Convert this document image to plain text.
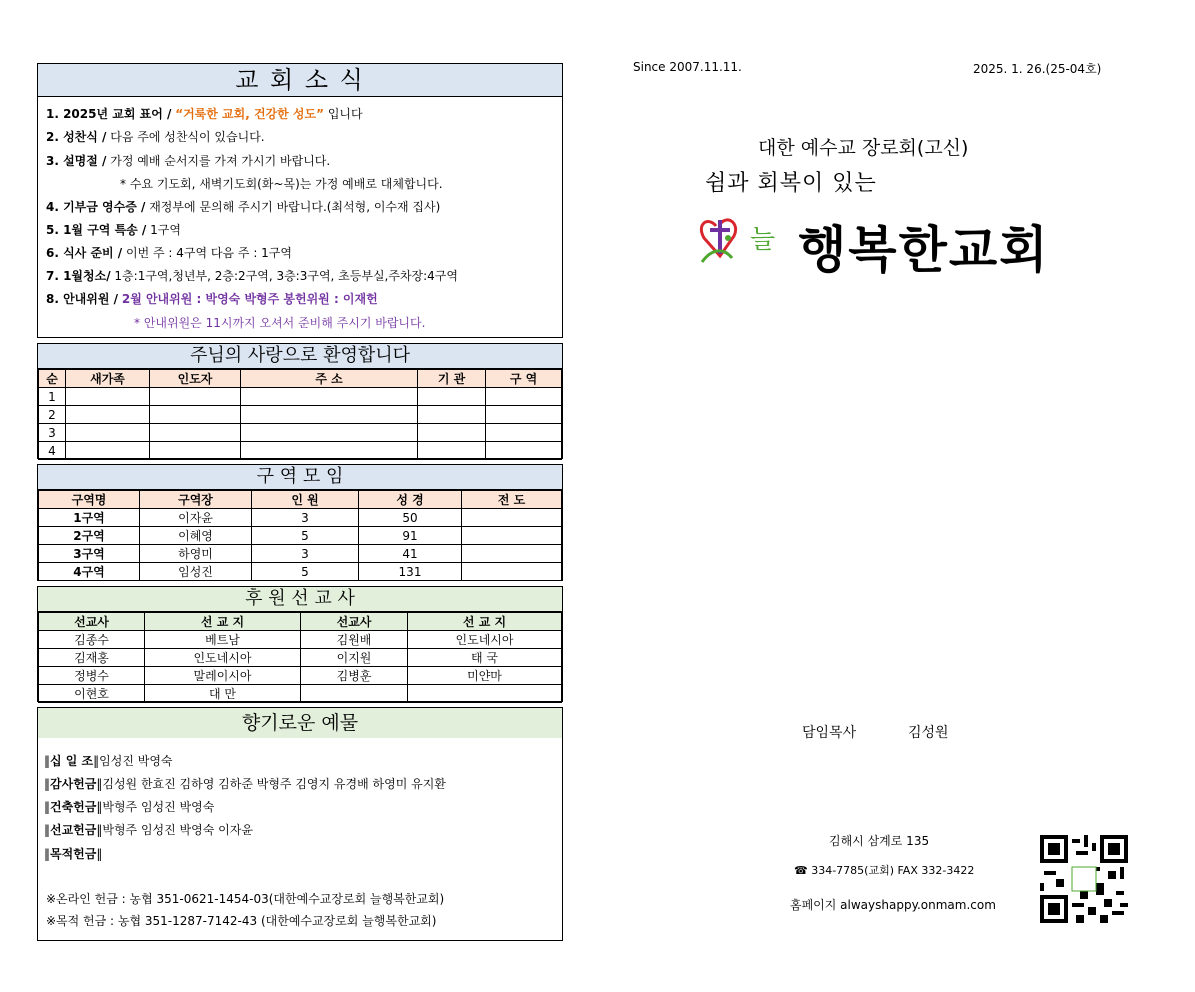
교 회 소 식
1. 2025년 교회 표어 / “거룩한 교회, 건강한 성도” 입니다
2. 성찬식 / 다음 주에 성찬식이 있습니다.
3. 설명절 / 가정 예배 순서지를 가져 가시기 바랍니다.
* 수요 기도회, 새벽기도회(화~목)는 가정 예배로 대체합니다.
4. 기부금 영수증 / 재정부에 문의해 주시기 바랍니다.(최석형, 이수재 집사)
5. 1월 구역 특송 / 1구역
6. 식사 준비 / 이번 주 : 4구역 다음 주 : 1구역
7. 1월청소/ 1층:1구역,청년부, 2층:2구역, 3층:3구역, 초등부실,주차장:4구역
8. 안내위원 / 2월 안내위원 : 박영숙 박형주 봉헌위원 : 이재헌
* 안내위원은 11시까지 오셔서 준비해 주시기 바랍니다.
주님의 사랑으로 환영합니다
순	새가족	인도자	주 소	기 관	구 역
1					
2					
3					
4					
구 역 모 임
구역명	구역장	인 원	성 경	전 도
1구역	이자윤	3	50	
2구역	이혜영	5	91	
3구역	하영미	3	41	
4구역	임성진	5	131	
후 원 선 교 사
선교사	선 교 지	선교사	선 교 지
김종수	베트남	김원배	인도네시아
김재홍	인도네시아	이지원	태 국
정병수	말레이시아	김병훈	미얀마
이현호	대 만		
향기로운 예물
‖십 일 조‖임성진 박영숙
‖감사헌금‖김성원 한효진 김하영 김하준 박형주 김영지 유경배 하영미 유지환
‖건축헌금‖박형주 임성진 박영숙
‖선교헌금‖박형주 임성진 박영숙 이자윤
‖목적헌금‖
※온라인 헌금 : 농협 351-0621-1454-03(대한예수교장로회 늘행복한교회)
※목적 헌금 : 농협 351-1287-7142-43 (대한예수교장로회 늘행복한교회)
Since 2007.11.11.	2025. 1. 26.(25-04호)
대한 예수교 장로회(고신)
쉼과 회복이 있는
늘 행복한교회
담임목사	김성원
김해시 삼계로 135
☎ 334-7785(교회) FAX 332-3422
홈페이지 alwayshappy.onmam.com
